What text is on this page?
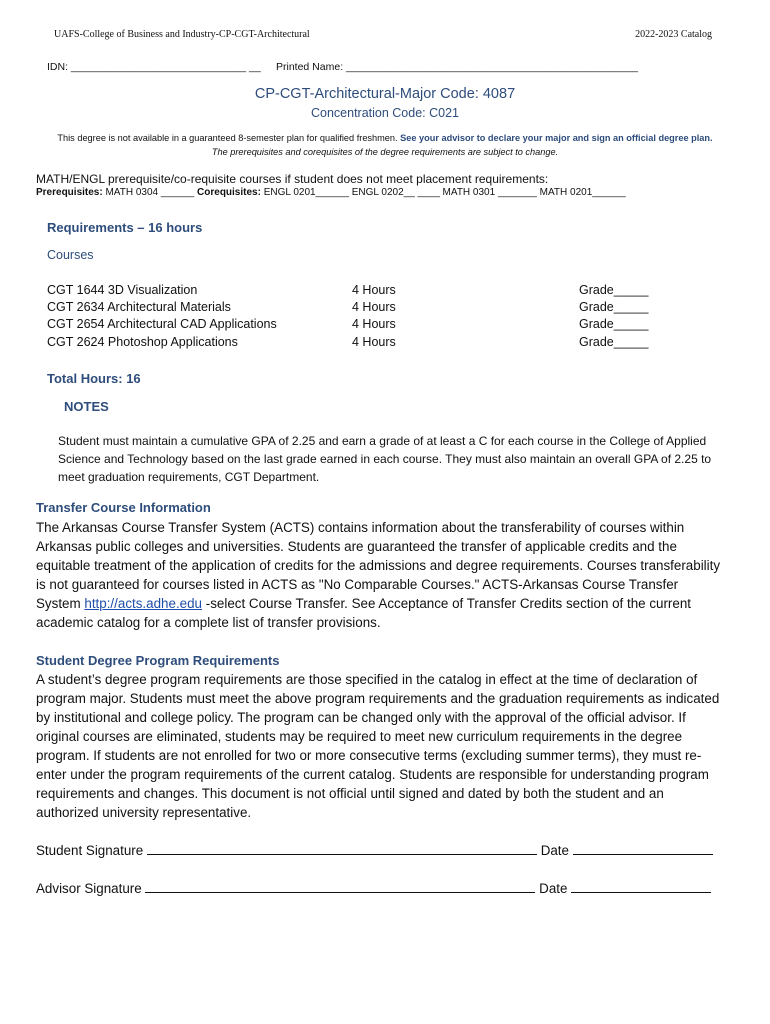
UAFS-College of Business and Industry-CP-CGT-Architectural	2022-2023 Catalog
IDN: ______________________________ __ Printed Name: __________________________________________________
CP-CGT-Architectural-Major Code: 4087
Concentration Code: C021
This degree is not available in a guaranteed 8-semester plan for qualified freshmen. See your advisor to declare your major and sign an official degree plan.
The prerequisites and corequisites of the degree requirements are subject to change.
MATH/ENGL prerequisite/co-requisite courses if student does not meet placement requirements:
Prerequisites: MATH 0304 ______ Corequisites: ENGL 0201______ ENGL 0202__ ____ MATH 0301 _______ MATH 0201______
Requirements – 16 hours
Courses
CGT 1644 3D Visualization	4 Hours	Grade_____
CGT 2634 Architectural Materials	4 Hours	Grade_____
CGT 2654 Architectural CAD Applications	4 Hours	Grade_____
CGT 2624 Photoshop Applications	4 Hours	Grade_____
Total Hours: 16
NOTES
Student must maintain a cumulative GPA of 2.25 and earn a grade of at least a C for each course in the College of Applied Science and Technology based on the last grade earned in each course. They must also maintain an overall GPA of 2.25 to meet graduation requirements, CGT Department.
Transfer Course Information
The Arkansas Course Transfer System (ACTS) contains information about the transferability of courses within Arkansas public colleges and universities. Students are guaranteed the transfer of applicable credits and the equitable treatment of the application of credits for the admissions and degree requirements. Courses transferability is not guaranteed for courses listed in ACTS as "No Comparable Courses." ACTS-Arkansas Course Transfer System http://acts.adhe.edu -select Course Transfer. See Acceptance of Transfer Credits section of the current academic catalog for a complete list of transfer provisions.
Student Degree Program Requirements
A student’s degree program requirements are those specified in the catalog in effect at the time of declaration of program major. Students must meet the above program requirements and the graduation requirements as indicated by institutional and college policy. The program can be changed only with the approval of the official advisor. If original courses are eliminated, students may be required to meet new curriculum requirements in the degree program. If students are not enrolled for two or more consecutive terms (excluding summer terms), they must re-enter under the program requirements of the current catalog. Students are responsible for understanding program requirements and changes. This document is not official until signed and dated by both the student and an authorized university representative.
Student Signature	Date
Advisor Signature	Date
